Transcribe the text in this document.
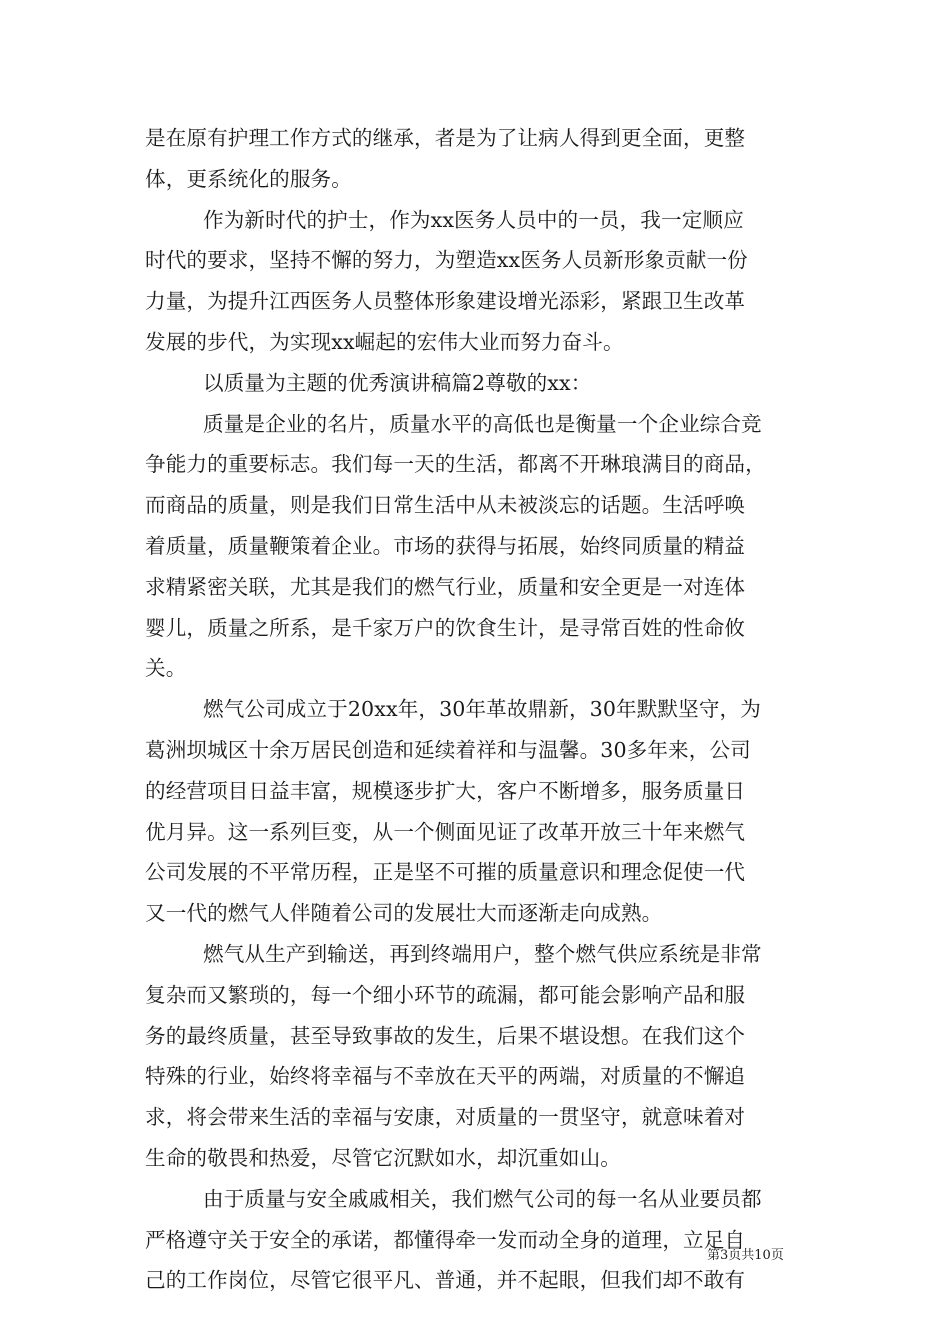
是在原有护理工作方式的继承，者是为了让病人得到更全面，更整
体，更系统化的服务。
作为新时代的护士，作为xx医务人员中的一员，我一定顺应
时代的要求，坚持不懈的努力，为塑造xx医务人员新形象贡献一份
力量，为提升江西医务人员整体形象建设增光添彩，紧跟卫生改革
发展的步代，为实现xx崛起的宏伟大业而努力奋斗。
以质量为主题的优秀演讲稿篇2尊敬的xx：
质量是企业的名片，质量水平的高低也是衡量一个企业综合竞
争能力的重要标志。我们每一天的生活，都离不开琳琅满目的商品，
而商品的质量，则是我们日常生活中从未被淡忘的话题。生活呼唤
着质量，质量鞭策着企业。市场的获得与拓展，始终同质量的精益
求精紧密关联，尤其是我们的燃气行业，质量和安全更是一对连体
婴儿，质量之所系，是千家万户的饮食生计，是寻常百姓的性命攸
关。
燃气公司成立于20xx年，30年革故鼎新，30年默默坚守，为
葛洲坝城区十余万居民创造和延续着祥和与温馨。30多年来，公司
的经营项目日益丰富，规模逐步扩大，客户不断增多，服务质量日
优月异。这一系列巨变，从一个侧面见证了改革开放三十年来燃气
公司发展的不平常历程，正是坚不可摧的质量意识和理念促使一代
又一代的燃气人伴随着公司的发展壮大而逐渐走向成熟。
燃气从生产到输送，再到终端用户，整个燃气供应系统是非常
复杂而又繁琐的，每一个细小环节的疏漏，都可能会影响产品和服
务的最终质量，甚至导致事故的发生，后果不堪设想。在我们这个
特殊的行业，始终将幸福与不幸放在天平的两端，对质量的不懈追
求，将会带来生活的幸福与安康，对质量的一贯坚守，就意味着对
生命的敬畏和热爱，尽管它沉默如水，却沉重如山。
由于质量与安全戚戚相关，我们燃气公司的每一名从业要员都
严格遵守关于安全的承诺，都懂得牵一发而动全身的道理，立足自
己的工作岗位，尽管它很平凡、普通，并不起眼，但我们却不敢有
第3页共10页
